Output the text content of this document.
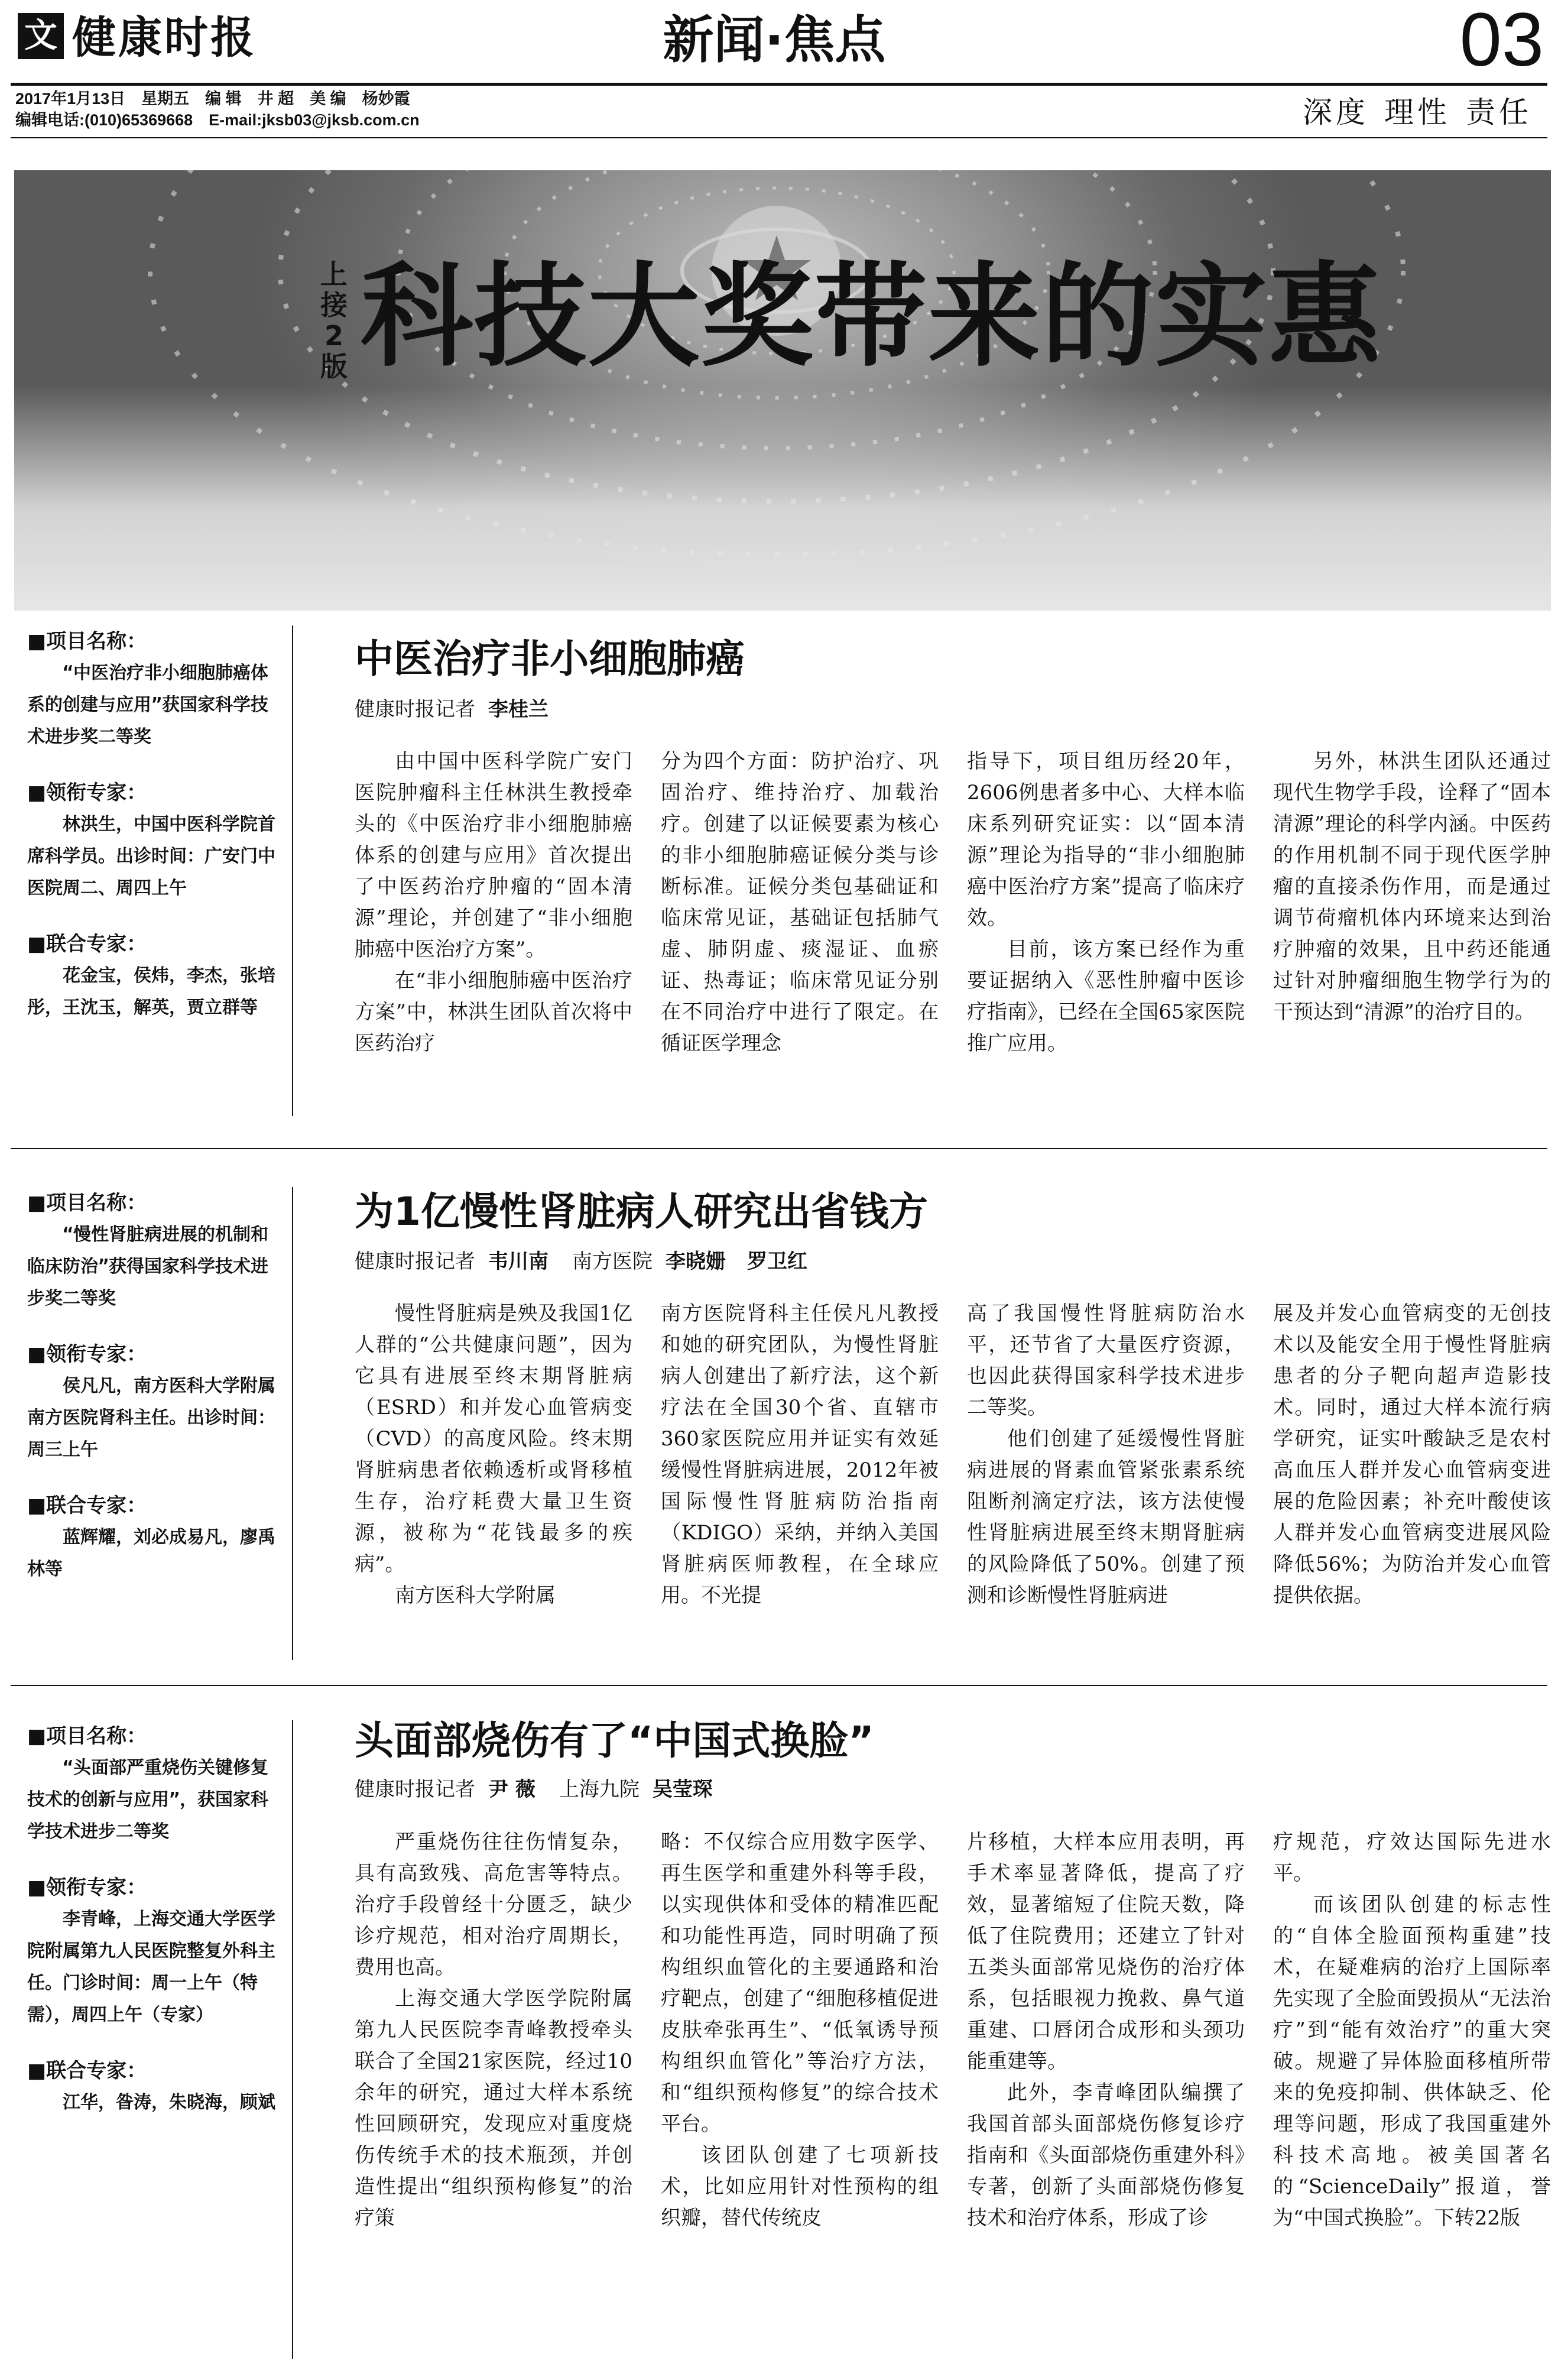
文 健康时报	新闻·焦点	03
2017年1月13日　星期五　编 辑　井 超　美 编　杨妙霞
编辑电话:(010)65369668　E-mail:jksb03@jksb.com.cn	深度 理性 责任
上接2版 科技大奖带来的实惠
■项目名称：
“中医治疗非小细胞肺癌体系的创建与应用”获国家科学技术进步奖二等奖
■领衔专家：
林洪生，中国中医科学院首席科学员。出诊时间：广安门中医院周二、周四上午
■联合专家：
花金宝，侯炜，李杰，张培彤，王沈玉，解英，贾立群等
中医治疗非小细胞肺癌
健康时报记者 李桂兰

由中国中医科学院广安门医院肿瘤科主任林洪生教授牵头的《中医治疗非小细胞肺癌体系的创建与应用》首次提出了中医药治疗肿瘤的“固本清源”理论，并创建了“非小细胞肺癌中医治疗方案”。

在“非小细胞肺癌中医治疗方案”中，林洪生团队首次将中医药治疗

分为四个方面：防护治疗、巩固治疗、维持治疗、加载治疗。创建了以证候要素为核心的非小细胞肺癌证候分类与诊断标准。证候分类包基础证和临床常见证，基础证包括肺气虚、肺阴虚、痰湿证、血瘀证、热毒证；临床常见证分别在不同治疗中进行了限定。在循证医学理念

指导下，项目组历经20年，2606例患者多中心、大样本临床系列研究证实：以“固本清源”理论为指导的“非小细胞肺癌中医治疗方案”提高了临床疗效。

目前，该方案已经作为重要证据纳入《恶性肿瘤中医诊疗指南》，已经在全国65家医院推广应用。

另外，林洪生团队还通过现代生物学手段，诠释了“固本清源”理论的科学内涵。中医药的作用机制不同于现代医学肿瘤的直接杀伤作用，而是通过调节荷瘤机体内环境来达到治疗肿瘤的效果，且中药还能通过针对肿瘤细胞生物学行为的干预达到“清源”的治疗目的。

■项目名称：
“慢性肾脏病进展的机制和临床防治”获得国家科学技术进步奖二等奖
■领衔专家：
侯凡凡，南方医科大学附属南方医院肾科主任。出诊时间：周三上午
■联合专家：
蓝辉耀，刘必成易凡，廖禹林等
为1亿慢性肾脏病人研究出省钱方
健康时报记者 韦川南 南方医院 李晓姗 罗卫红

慢性肾脏病是殃及我国1亿人群的“公共健康问题”，因为它具有进展至终末期肾脏病（ESRD）和并发心血管病变（CVD）的高度风险。终末期肾脏病患者依赖透析或肾移植生存，治疗耗费大量卫生资源，被称为“花钱最多的疾病”。

南方医科大学附属

南方医院肾科主任侯凡凡教授和她的研究团队，为慢性肾脏病人创建出了新疗法，这个新疗法在全国30个省、直辖市360家医院应用并证实有效延缓慢性肾脏病进展，2012年被国际慢性肾脏病防治指南（KDIGO）采纳，并纳入美国肾脏病医师教程，在全球应用。不光提

高了我国慢性肾脏病防治水平，还节省了大量医疗资源，也因此获得国家科学技术进步二等奖。

他们创建了延缓慢性肾脏病进展的肾素血管紧张素系统阻断剂滴定疗法，该方法使慢性肾脏病进展至终末期肾脏病的风险降低了50%。创建了预测和诊断慢性肾脏病进

展及并发心血管病变的无创技术以及能安全用于慢性肾脏病患者的分子靶向超声造影技术。同时，通过大样本流行病学研究，证实叶酸缺乏是农村高血压人群并发心血管病变进展的危险因素；补充叶酸使该人群并发心血管病变进展风险降低56%；为防治并发心血管提供依据。

■项目名称：
“头面部严重烧伤关键修复技术的创新与应用”，获国家科学技术进步二等奖
■领衔专家：
李青峰，上海交通大学医学院附属第九人民医院整复外科主任。门诊时间：周一上午（特需），周四上午（专家）
■联合专家：
江华，昝涛，朱晓海，顾斌
头面部烧伤有了“中国式换脸”
健康时报记者 尹 薇 上海九院 吴莹琛

严重烧伤往往伤情复杂，具有高致残、高危害等特点。治疗手段曾经十分匮乏，缺少诊疗规范，相对治疗周期长，费用也高。

上海交通大学医学院附属第九人民医院李青峰教授牵头联合了全国21家医院，经过10余年的研究，通过大样本系统性回顾研究，发现应对重度烧伤传统手术的技术瓶颈，并创造性提出“组织预构修复”的治疗策

略：不仅综合应用数字医学、再生医学和重建外科等手段，以实现供体和受体的精准匹配和功能性再造，同时明确了预构组织血管化的主要通路和治疗靶点，创建了“细胞移植促进皮肤牵张再生”、“低氧诱导预构组织血管化”等治疗方法，和“组织预构修复”的综合技术平台。

该团队创建了七项新技术，比如应用针对性预构的组织瓣，替代传统皮

片移植，大样本应用表明，再手术率显著降低，提高了疗效，显著缩短了住院天数，降低了住院费用；还建立了针对五类头面部常见烧伤的治疗体系，包括眼视力挽救、鼻气道重建、口唇闭合成形和头颈功能重建等。

此外，李青峰团队编撰了我国首部头面部烧伤修复诊疗指南和《头面部烧伤重建外科》专著，创新了头面部烧伤修复技术和治疗体系，形成了诊

疗规范，疗效达国际先进水平。

而该团队创建的标志性的“自体全脸面预构重建”技术，在疑难病的治疗上国际率先实现了全脸面毁损从“无法治疗”到“能有效治疗”的重大突破。规避了异体脸面移植所带来的免疫抑制、供体缺乏、伦理等问题，形成了我国重建外科技术高地。被美国著名的“ScienceDaily”报道，誉为“中国式换脸”。下转22版
